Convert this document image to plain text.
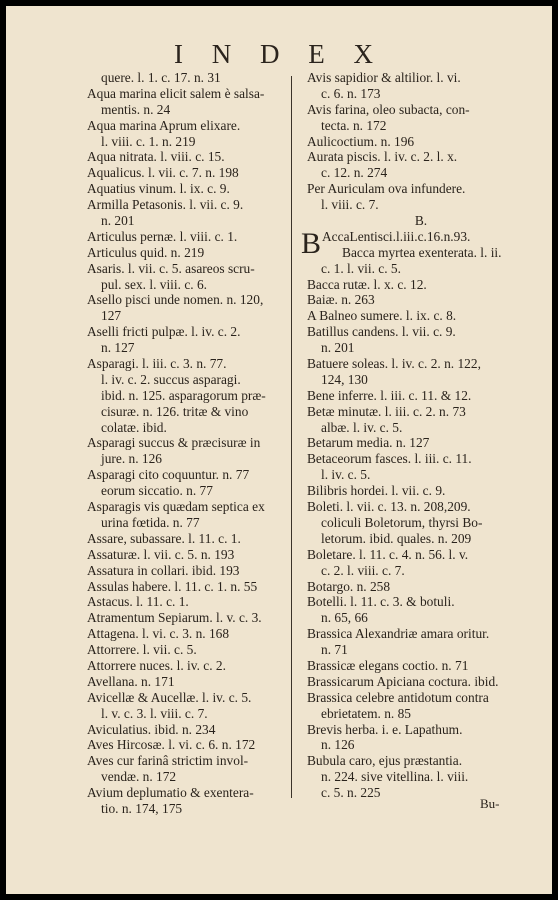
I N D E X
quere. l. 1. c. 17. n. 31
Aqua marina elicit salem è salsa-
mentis. n. 24
Aqua marina Aprum elixare.
l. viii. c. 1. n. 219
Aqua nitrata. l. viii. c. 15.
Aqualicus. l. vii. c. 7. n. 198
Aquatius vinum. l. ix. c. 9.
Armilla Petasonis. l. vii. c. 9.
n. 201
Articulus pernæ. l. viii. c. 1.
Articulus quid. n. 219
Asaris. l. vii. c. 5. asareos scru-
pul. sex. l. viii. c. 6.
Asello pisci unde nomen. n. 120,
127
Aselli fricti pulpæ. l. iv. c. 2.
n. 127
Asparagi. l. iii. c. 3. n. 77.
l. iv. c. 2. succus asparagi.
ibid. n. 125. asparagorum præ-
cisuræ. n. 126. tritæ & vino
colatæ. ibid.
Asparagi succus & præcisuræ in
jure. n. 126
Asparagi cito coquuntur. n. 77
eorum siccatio. n. 77
Asparagis vis quædam septica ex
urina fœtida. n. 77
Assare, subassare. l. 11. c. 1.
Assaturæ. l. vii. c. 5. n. 193
Assatura in collari. ibid. 193
Assulas habere. l. 11. c. 1. n. 55
Astacus. l. 11. c. 1.
Atramentum Sepiarum. l. v. c. 3.
Attagena. l. vi. c. 3. n. 168
Attorrere. l. vii. c. 5.
Attorrere nuces. l. iv. c. 2.
Avellana. n. 171
Avicellæ & Aucellæ. l. iv. c. 5.
l. v. c. 3. l. viii. c. 7.
Aviculatius. ibid. n. 234
Aves Hircosæ. l. vi. c. 6. n. 172
Aves cur farinâ strictim invol-
vendæ. n. 172
Avium deplumatio & exentera-
tio. n. 174, 175
Avis sapidior & altilior. l. vi.
c. 6. n. 173
Avis farina, oleo subacta, con-
tecta. n. 172
Aulicoctium. n. 196
Aurata piscis. l. iv. c. 2. l. x.
c. 12. n. 274
Per Auriculam ova infundere.
l. viii. c. 7.
B.
B AccaLentisci.l.iii.c.16.n.93.
Bacca myrtea exenterata. l. ii.
c. 1. l. vii. c. 5.
Bacca rutæ. l. x. c. 12.
Baiæ. n. 263
A Balneo sumere. l. ix. c. 8.
Batillus candens. l. vii. c. 9.
n. 201
Batuere soleas. l. iv. c. 2. n. 122,
124, 130
Bene inferre. l. iii. c. 11. & 12.
Betæ minutæ. l. iii. c. 2. n. 73
albæ. l. iv. c. 5.
Betarum media. n. 127
Betaceorum fasces. l. iii. c. 11.
l. iv. c. 5.
Bilibris hordei. l. vii. c. 9.
Boleti. l. vii. c. 13. n. 208,209.
coliculi Boletorum, thyrsi Bo-
letorum. ibid. quales. n. 209
Boletare. l. 11. c. 4. n. 56. l. v.
c. 2. l. viii. c. 7.
Botargo. n. 258
Botelli. l. 11. c. 3. & botuli.
n. 65, 66
Brassica Alexandriæ amara oritur.
n. 71
Brassicæ elegans coctio. n. 71
Brassicarum Apiciana coctura. ibid.
Brassica celebre antidotum contra
ebrietatem. n. 85
Brevis herba. i. e. Lapathum.
n. 126
Bubula caro, ejus præstantia.
n. 224. sive vitellina. l. viii.
c. 5. n. 225
Bu-
